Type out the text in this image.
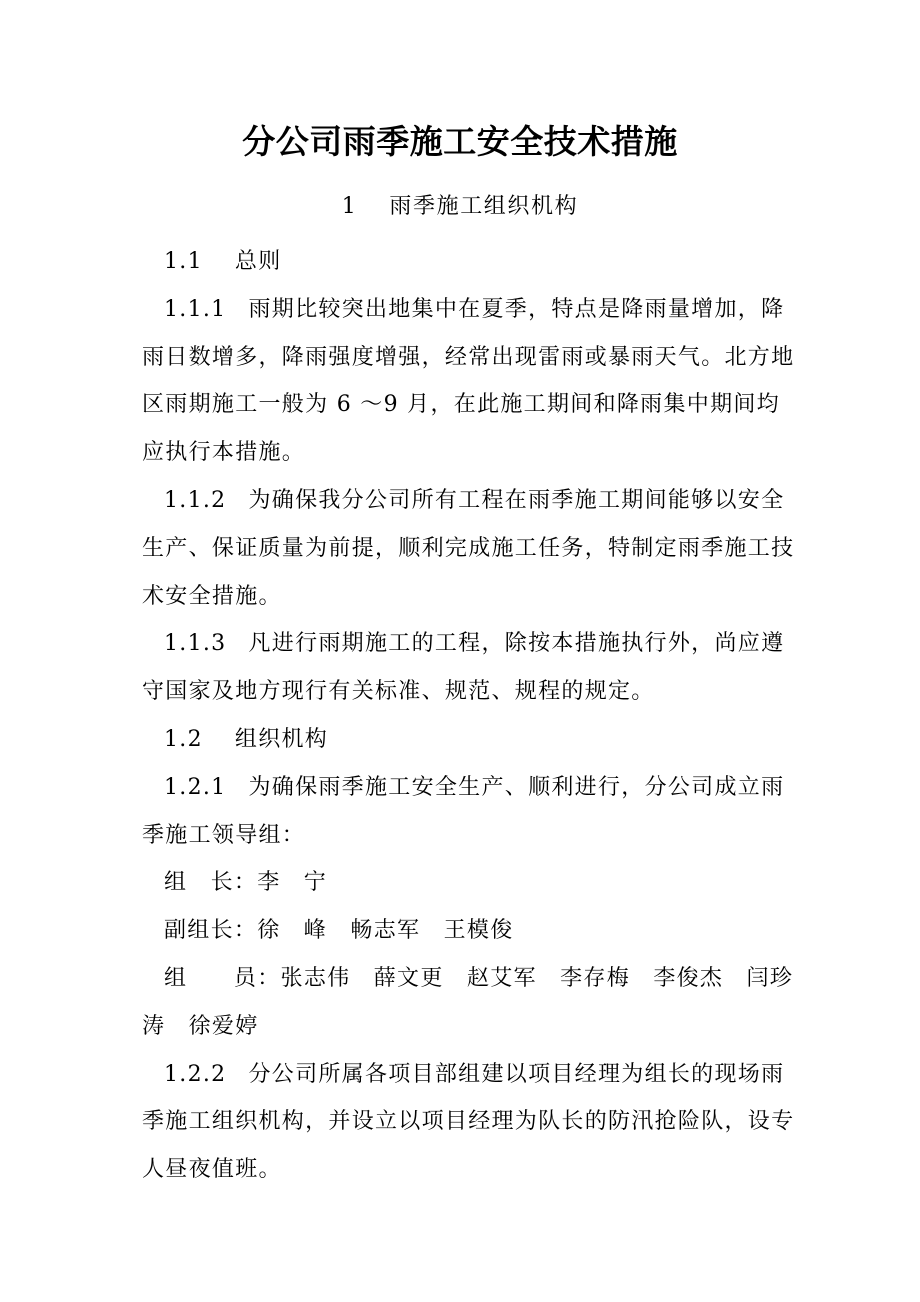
分公司雨季施工安全技术措施
1 雨季施工组织机构

1.1 总则

1.1.1 雨期比较突出地集中在夏季，特点是降雨量增加，降雨日数增多，降雨强度增强，经常出现雷雨或暴雨天气。北方地区雨期施工一般为 6 ～9 月，在此施工期间和降雨集中期间均应执行本措施。

1.1.2 为确保我分公司所有工程在雨季施工期间能够以安全生产、保证质量为前提，顺利完成施工任务，特制定雨季施工技术安全措施。

1.1.3 凡进行雨期施工的工程，除按本措施执行外，尚应遵守国家及地方现行有关标准、规范、规程的规定。

1.2 组织机构

1.2.1 为确保雨季施工安全生产、顺利进行，分公司成立雨季施工领导组：

组　长：李　宁

副组长：徐　峰　畅志军　王模俊

组　　员：张志伟　薛文更　赵艾军　李存梅　李俊杰　闫珍涛　徐爱婷

1.2.2 分公司所属各项目部组建以项目经理为组长的现场雨季施工组织机构，并设立以项目经理为队长的防汛抢险队，设专人昼夜值班。
